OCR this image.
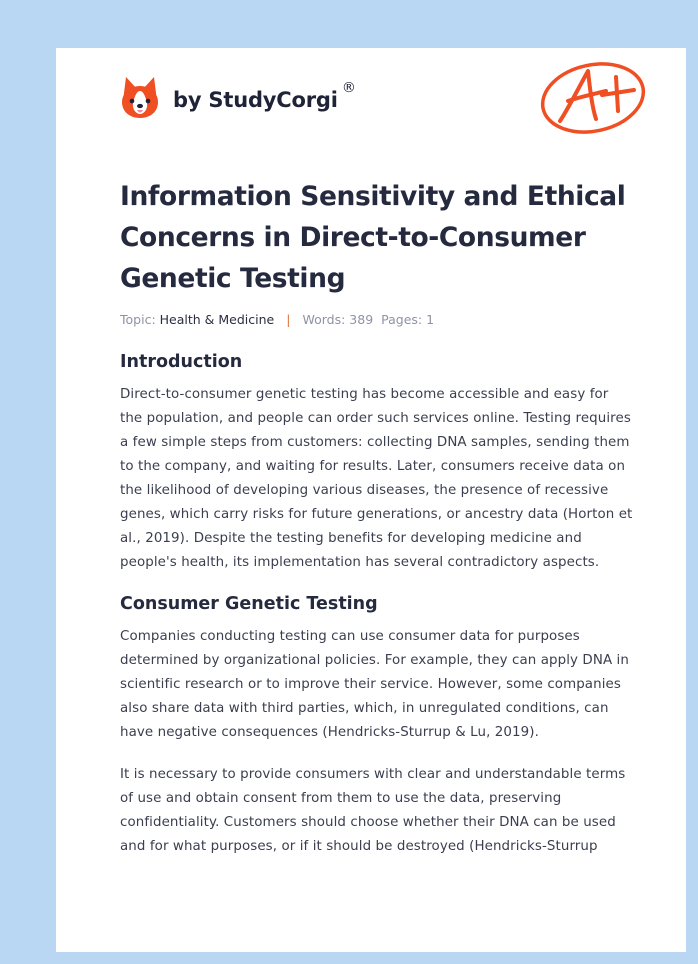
by StudyCorgi ®
Information Sensitivity and Ethical Concerns in Direct-to-Consumer Genetic Testing
Topic: Health & Medicine | Words: 389 Pages: 1
Introduction

Direct-to-consumer genetic testing has become accessible and easy for the population, and people can order such services online. Testing requires a few simple steps from customers: collecting DNA samples, sending them to the company, and waiting for results. Later, consumers receive data on the likelihood of developing various diseases, the presence of recessive genes, which carry risks for future generations, or ancestry data (Horton et al., 2019). Despite the testing benefits for developing medicine and people's health, its implementation has several contradictory aspects.

Consumer Genetic Testing

Companies conducting testing can use consumer data for purposes determined by organizational policies. For example, they can apply DNA in scientific research or to improve their service. However, some companies also share data with third parties, which, in unregulated conditions, can have negative consequences (Hendricks-Sturrup & Lu, 2019).

It is necessary to provide consumers with clear and understandable terms of use and obtain consent from them to use the data, preserving confidentiality. Customers should choose whether their DNA can be used and for what purposes, or if it should be destroyed (Hendricks-Sturrup
